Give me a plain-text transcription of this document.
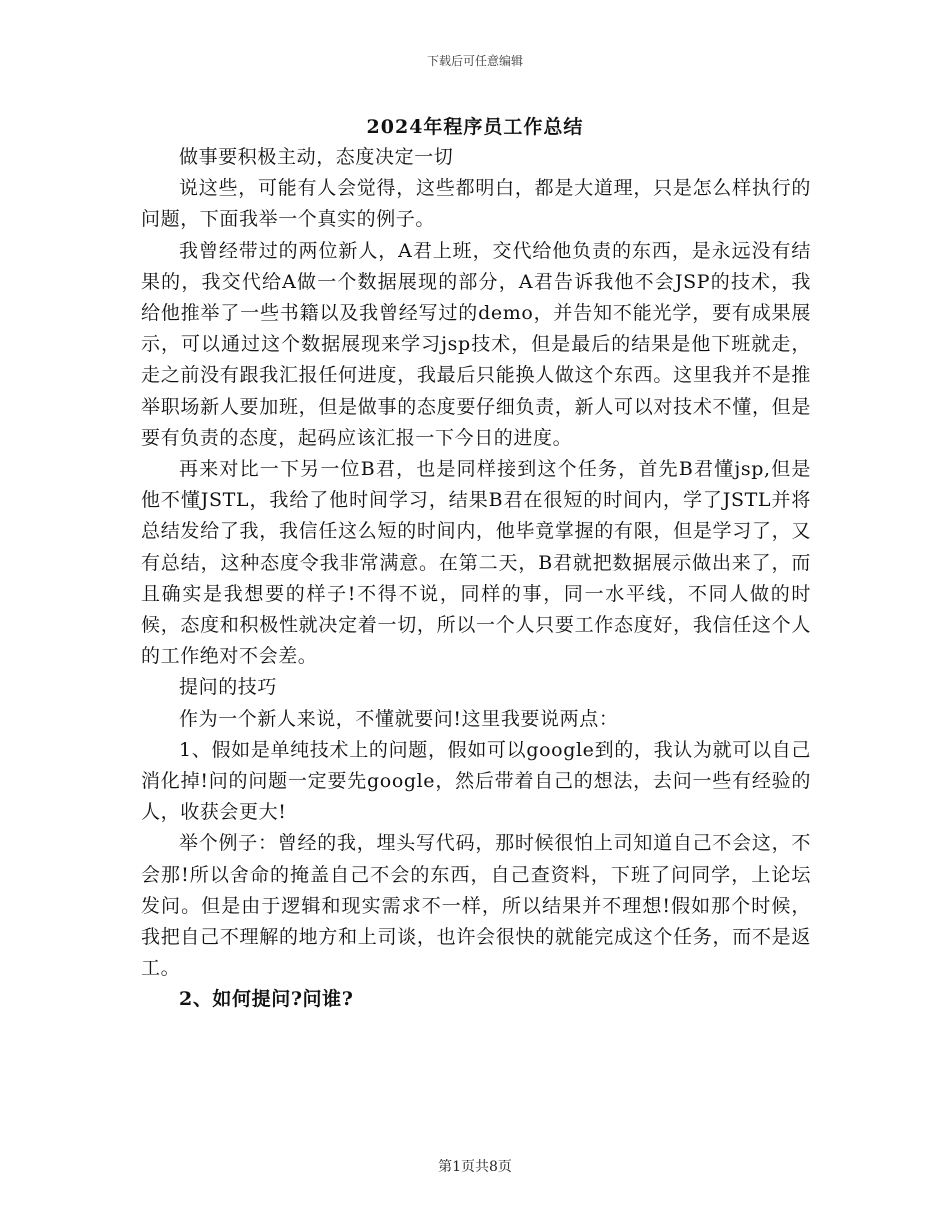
下载后可任意编辑
2024年程序员工作总结

做事要积极主动，态度决定一切

说这些，可能有人会觉得，这些都明白，都是大道理，只是怎么样执行的问题，下面我举一个真实的例子。

我曾经带过的两位新人，A君上班，交代给他负责的东西，是永远没有结果的，我交代给A做一个数据展现的部分，A君告诉我他不会JSP的技术，我给他推举了一些书籍以及我曾经写过的demo，并告知不能光学，要有成果展示，可以通过这个数据展现来学习jsp技术，但是最后的结果是他下班就走，走之前没有跟我汇报任何进度，我最后只能换人做这个东西。这里我并不是推举职场新人要加班，但是做事的态度要仔细负责，新人可以对技术不懂，但是要有负责的态度，起码应该汇报一下今日的进度。

再来对比一下另一位B君，也是同样接到这个任务，首先B君懂jsp,但是他不懂JSTL，我给了他时间学习，结果B君在很短的时间内，学了JSTL并将总结发给了我，我信任这么短的时间内，他毕竟掌握的有限，但是学习了，又有总结，这种态度令我非常满意。在第二天，B君就把数据展示做出来了，而且确实是我想要的样子!不得不说，同样的事，同一水平线，不同人做的时候，态度和积极性就决定着一切，所以一个人只要工作态度好，我信任这个人的工作绝对不会差。

提问的技巧

作为一个新人来说，不懂就要问!这里我要说两点：

1、假如是单纯技术上的问题，假如可以google到的，我认为就可以自己消化掉!问的问题一定要先google，然后带着自己的想法，去问一些有经验的人，收获会更大!

举个例子：曾经的我，埋头写代码，那时候很怕上司知道自己不会这，不会那!所以舍命的掩盖自己不会的东西，自己查资料，下班了问同学，上论坛发问。但是由于逻辑和现实需求不一样，所以结果并不理想!假如那个时候，我把自己不理解的地方和上司谈，也许会很快的就能完成这个任务，而不是返工。

2、如何提问?问谁?

第1页共8页
